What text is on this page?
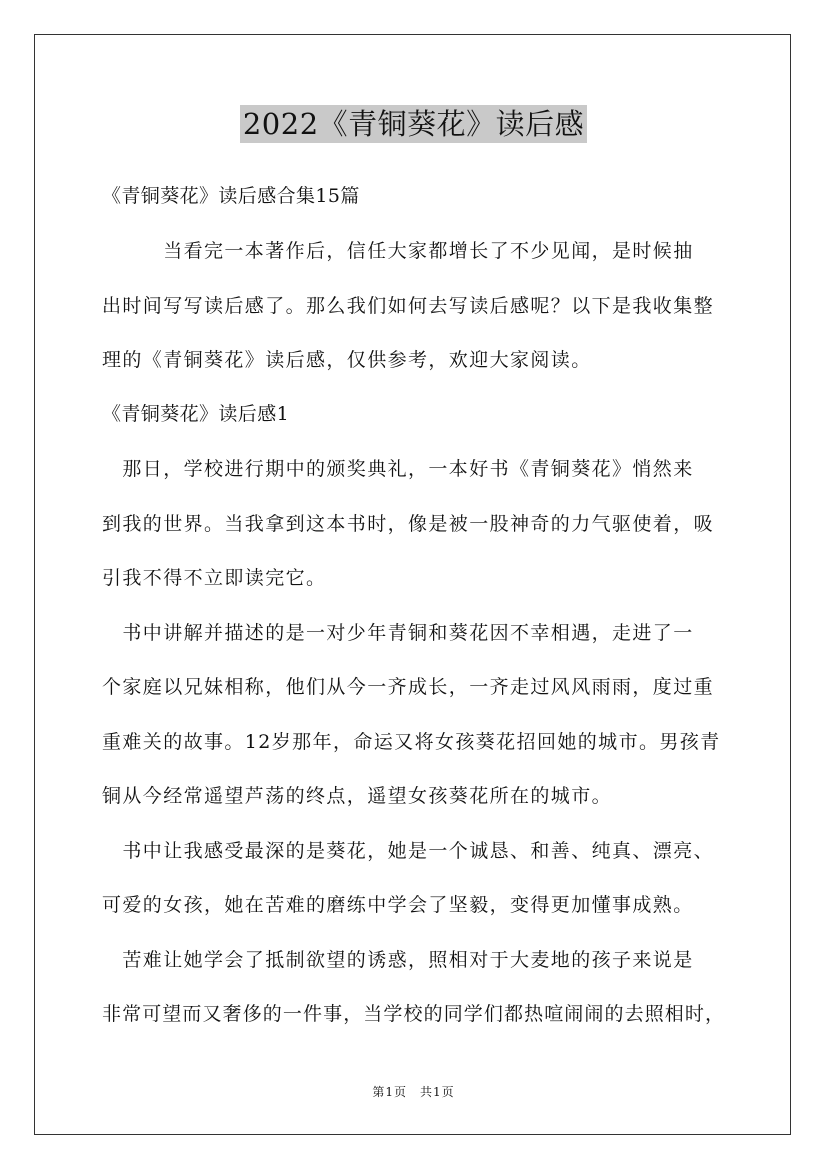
2022《青铜葵花》读后感
《青铜葵花》读后感合集15篇
　　　当看完一本著作后，信任大家都增长了不少见闻，是时候抽
出时间写写读后感了。那么我们如何去写读后感呢？以下是我收集整
理的《青铜葵花》读后感，仅供参考，欢迎大家阅读。
《青铜葵花》读后感1
　那日，学校进行期中的颁奖典礼，一本好书《青铜葵花》悄然来
到我的世界。当我拿到这本书时，像是被一股神奇的力气驱使着，吸
引我不得不立即读完它。
　书中讲解并描述的是一对少年青铜和葵花因不幸相遇，走进了一
个家庭以兄妹相称，他们从今一齐成长，一齐走过风风雨雨，度过重
重难关的故事。12岁那年，命运又将女孩葵花招回她的城市。男孩青
铜从今经常遥望芦荡的终点，遥望女孩葵花所在的城市。
　书中让我感受最深的是葵花，她是一个诚恳、和善、纯真、漂亮、
可爱的女孩，她在苦难的磨练中学会了坚毅，变得更加懂事成熟。
　苦难让她学会了抵制欲望的诱惑，照相对于大麦地的孩子来说是
非常可望而又奢侈的一件事，当学校的同学们都热喧闹闹的去照相时，
第1页　共1页
